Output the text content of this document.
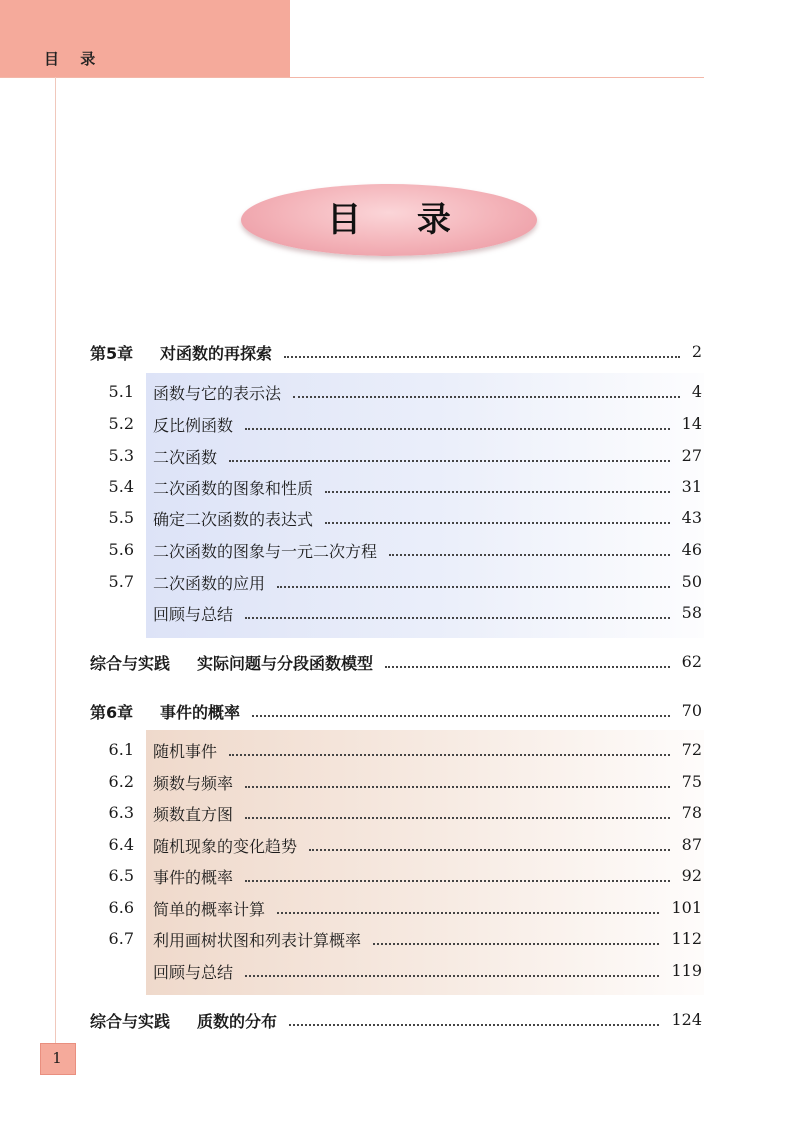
目 录
目 录
第5章 对函数的再探索	2
5.1 函数与它的表示法	4
5.2 反比例函数	14
5.3 二次函数	27
5.4 二次函数的图象和性质	31
5.5 确定二次函数的表达式	43
5.6 二次函数的图象与一元二次方程	46
5.7 二次函数的应用	50
回顾与总结	58
综合与实践 实际问题与分段函数模型	62
第6章 事件的概率	70
6.1 随机事件	72
6.2 频数与频率	75
6.3 频数直方图	78
6.4 随机现象的变化趋势	87
6.5 事件的概率	92
6.6 简单的概率计算	101
6.7 利用画树状图和列表计算概率	112
回顾与总结	119
综合与实践 质数的分布	124
1
